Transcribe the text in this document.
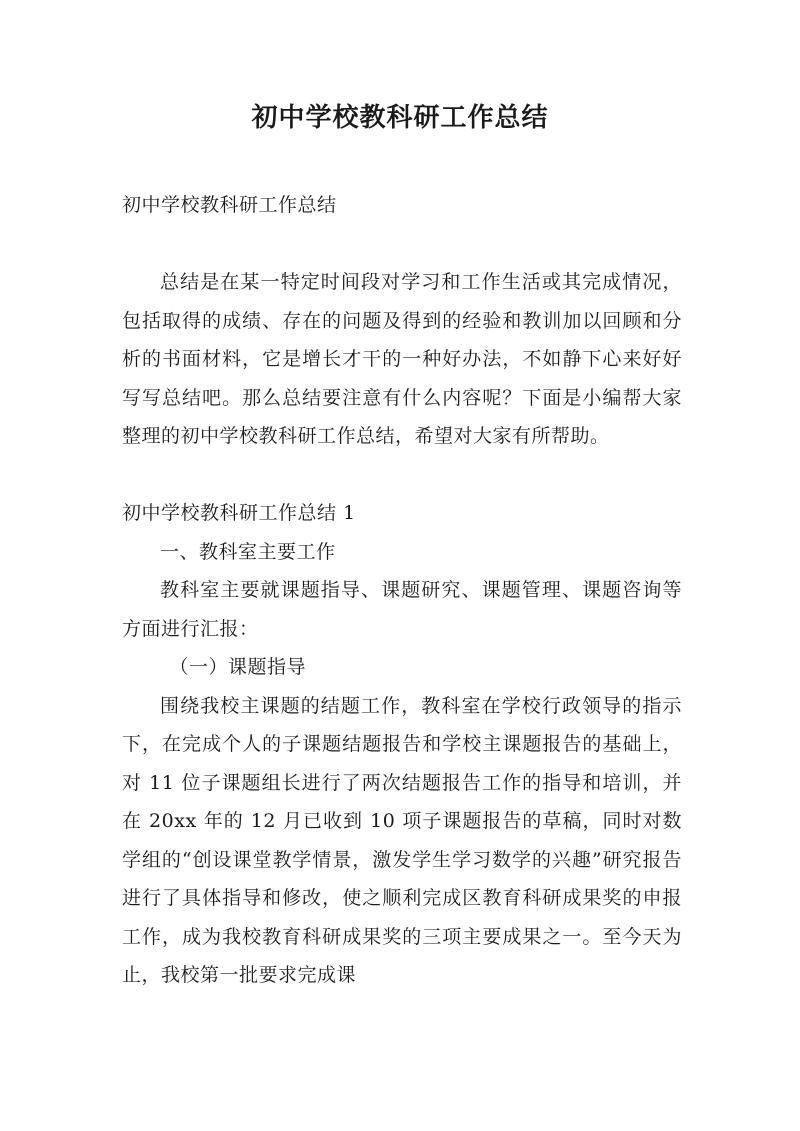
初中学校教科研工作总结

初中学校教科研工作总结

总结是在某一特定时间段对学习和工作生活或其完成情况，包括取得的成绩、存在的问题及得到的经验和教训加以回顾和分析的书面材料，它是增长才干的一种好办法，不如静下心来好好写写总结吧。那么总结要注意有什么内容呢？下面是小编帮大家整理的初中学校教科研工作总结，希望对大家有所帮助。

初中学校教科研工作总结 1

一、教科室主要工作

教科室主要就课题指导、课题研究、课题管理、课题咨询等方面进行汇报：

（一）课题指导

围绕我校主课题的结题工作，教科室在学校行政领导的指示下，在完成个人的子课题结题报告和学校主课题报告的基础上，对 11 位子课题组长进行了两次结题报告工作的指导和培训，并在 20xx 年的 12 月已收到 10 项子课题报告的草稿，同时对数学组的“创设课堂教学情景，激发学生学习数学的兴趣”研究报告进行了具体指导和修改，使之顺利完成区教育科研成果奖的申报工作，成为我校教育科研成果奖的三项主要成果之一。至今天为止，我校第一批要求完成课
